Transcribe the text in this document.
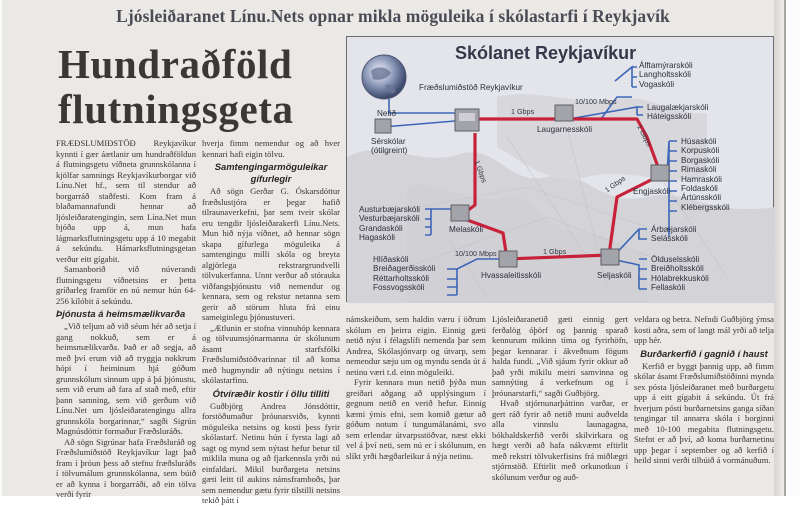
Ljósleiðaranet Línu.Nets opnar mikla möguleika í skólastarfi í Reykjavík
Hundraðföld
flutningsgeta

FRÆÐSLUMIÐSTÖÐ Reykjavíkur kynnti í gær áætlanir um hundraðföldun á flutningsgetu víðneta grunnskólanna í kjölfar samnings Reykjavíkurborgar við Línu.Net hf., sem til stendur að borgarráð staðfesti. Kom fram á blaðamannafundi hennar að ljósleiðaratengingin, sem Lína.Net mun bjóða upp á, mun hafa lágmarksflutningsgetu upp á 10 megabit á sekúndu. Hámarksflutningsgetan verður eitt gígabit.

Samanborið við núverandi flutningsgetu víðnetsins er þetta gríðarleg framför en nú nemur hún 64-256 kílóbit á sekúndu.

Þjónusta á heimsmælikvarða

„Við teljum að við séum hér að setja í gang nokkuð, sem er á heimsmælikvarða. Það er að segja, að með því erum við að tryggja nokkrum hópi í heiminum hjá góðum grunnskólum sinnum upp á þá þjónustu, sem við erum að fara af stað með, eftir þann samning, sem við gerðum við Línu.Net um ljósleiðaratengingu allra grunnskóla borgarinnar,“ sagði Sigrún Magnúsdóttir formaður Fræðsluráðs.

Að sögn Sigrúnar hafa Fræðsluráð og Fræðslumiðstöð Reykjavíkur lagt það fram í þróun þess að stefnu fræðsluráðs í tölvumálum grunnskólanna, sem búið er að kynna í borgarráði, að ein tölva verði fyrir

hverja fimm nemendur og að hver kennari hafi eigin tölvu.

Samtengingarmöguleikar gífurlegir

Að sögn Gerðar G. Óskarsdóttur fræðslustjóra er þegar hafið tilraunaverkefni, þar sem tveir skólar eru tengdir ljósleiðarakerfi Línu.Nets. Mun hið nýja víðnet, að hennar sögn skapa gífurlega möguleika á samtengingu milli skóla og breyta algjörlega rekstrargrundvelli tölvukerfanna. Unnt verður að stórauka viðfangsþjónustu við nemendur og kennara, sem og rekstur netanna sem gerir að störum hluta frá einu sameiginlegu þjónustuveri.

„Ætlunin er stofna vinnuhóp kennara og tölvuumsjónarmanna úr skólunum ásamt starfsfólki Fræðslumiðstöðvarinnar til að koma með hugmyndir að nýtingu netsins í skólastarfinu.

Ótvíræðir kostir í öllu tilliti

Guðbjörg Andrea Jónsdóttir, forstöðumaður þróunarsviðs, kynnti möguleika netsins og kosti þess fyrir skólastarf. Netinu hún í fyrsta lagi að sagt og mynd sem nýtast hefur betur til miklila muna og að fjarkennsla yrði nú einfaldari. Mikil burðargeta netsins gæti leitt til aukins námsframboðs, þar sem nemendur gætu fyrir tilstilli netsins tekið þátt í

námskeiðum, sem haldin væru í öðrum skólum en þeirra eigin. Einnig gæti netið nýst í félagslífi nemenda þar sem Andrea, Skólasjónvarp og útvarp, sem nemendur sæju um og myndu senda út á netinu væri t.d. einn möguleiki.

Fyrir kennara mun netið þýða mun greiðari aðgang að upplýsingum í gegnum netið en verið hefur. Einnig kæmi ýmis efni, sem komið gætur að góðum notum í tungumálanámi, svo sem erlendar útvarpsstöðvar, næst ekki vel á því neti, sem nú er í skólunum, en slíkt yrði hægðarleikur á nýja netinu.

Ljósleiðaranetið gæti einnig gert ferðalög óþörf og þannig sparað kennurum mikinn tíma og fyrirhöfn, þegar kennarar í ákveðnum fögum halda fundi. „Við sjáum fyrir okkur að það yrði mikilu meiri samvinna og samnýting á verkefnum og í þróunarstarfi,“ sagði Guðbjörg.

Hvað stjórnunarþáttinn varðar, er gert ráð fyrir að netið muni auðvelda alla vinnslu launagagna, bókhaldskerfið verði skilvirkara og hægt verði að hafa nákvæmt eftirlit með rekstri tölvukerfisins frá miðlægri stjórnstöð. Eftirlit með orkunotkun í skólunum verður og auð-

veldara og betra. Nefndi Guðbjörg ýmsa kosti aðra, sem of langt mál yrði að telja upp hér.

Burðarkerfið í gagnið í haust

Kerfið er byggt þannig upp, að fimm skólar ásamt Fræðslumiðstöðinni mynda sex pósta ljósleiðaranet með burðargetu upp á eitt gígabit á sekúndu. Út frá hverjum pósti burðarnetsins ganga síðan tengingar til annarra skóla í borginni með 10-100 megabita flutningsgetu. Stefnt er að því, að koma burðarnetinu upp þegar í september og að kerfið í heild sinni verði tilbúið á vormánuðum.

Skólanet Reykjavíkur
Fræðslumiðstöð Reykjavíkur
Netið
Sérskólar (ótilgreint)
Laugarnesskóli
Engjaskóli
Melaskóli
Hvassaleitisskóli	Seljaskóli
1 Gbps
10/100 Mbps
1 Gbps
1 Gbps
1 Gbps
10/100 Mbps
1 Gbps
Álftamýrarskóli
Langholtsskóli
Vogaskóli
Laugalækjarskóli
Háteigsskóli
Húsaskóli
Korpuskóli
Borgaskóli
Rimaskóli
Hamraskóli
Foldaskóli
Ártúnsskóli
Klébergsskóli
Austurbæjarskóli
Vesturbæjarskóli
Grandaskóli
Hagaskóli
Hlíðaskóli
Breiðagerðisskóli
Réttarholtsskóli
Fossvogsskóli
Árbæjarskóli
Selásskóli
Ölduselsskóli
Breiðholtsskóli
Hólabrekkuskóli
Fellaskóli
